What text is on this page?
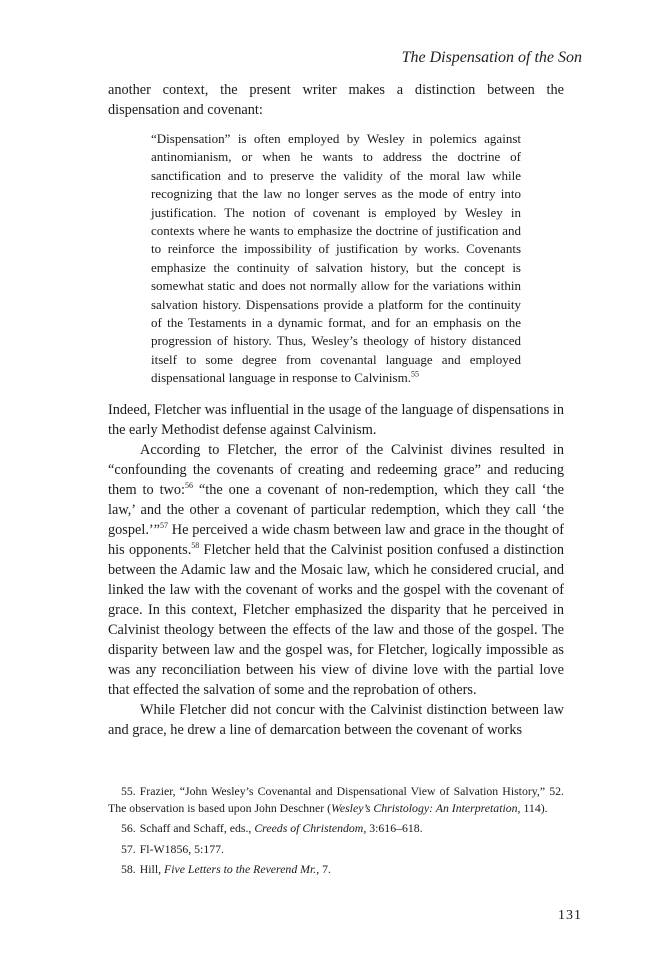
The Dispensation of the Son

another context, the present writer makes a distinction between the dispensation and covenant:

“Dispensation” is often employed by Wesley in polemics against antinomianism, or when he wants to address the doctrine of sanctification and to preserve the validity of the moral law while recognizing that the law no longer serves as the mode of entry into justification. The notion of covenant is employed by Wesley in contexts where he wants to emphasize the doctrine of justification and to reinforce the impossibility of justification by works. Covenants emphasize the continuity of salvation history, but the concept is somewhat static and does not normally allow for the variations within salvation history. Dispensations provide a platform for the continuity of the Testaments in a dynamic format, and for an emphasis on the progression of history. Thus, Wesley’s theology of history distanced itself to some degree from covenantal language and employed dispensational language in response to Calvinism.$^{55}$

Indeed, Fletcher was influential in the usage of the language of dispensations in the early Methodist defense against Calvinism.

According to Fletcher, the error of the Calvinist divines resulted in “confounding the covenants of creating and redeeming grace” and reducing them to two:$^{56}$ “the one a covenant of non-redemption, which they call ‘the law,’ and the other a covenant of particular redemption, which they call ‘the gospel.’”$^{57}$ He perceived a wide chasm between law and grace in the thought of his opponents.$^{58}$ Fletcher held that the Calvinist position confused a distinction between the Adamic law and the Mosaic law, which he considered crucial, and linked the law with the covenant of works and the gospel with the covenant of grace. In this context, Fletcher emphasized the disparity that he perceived in Calvinist theology between the effects of the law and those of the gospel. The disparity between law and the gospel was, for Fletcher, logically impossible as was any reconciliation between his view of divine love with the partial love that effected the salvation of some and the reprobation of others.

While Fletcher did not concur with the Calvinist distinction between law and grace, he drew a line of demarcation between the covenant of works

55. Frazier, “John Wesley’s Covenantal and Dispensational View of Salvation History,” 52. The observation is based upon John Deschner (Wesley’s Christology: An Interpretation, 114).

56. Schaff and Schaff, eds., Creeds of Christendom, 3:616–618.

57. Fl-W1856, 5:177.

58. Hill, Five Letters to the Reverend Mr., 7.

131
